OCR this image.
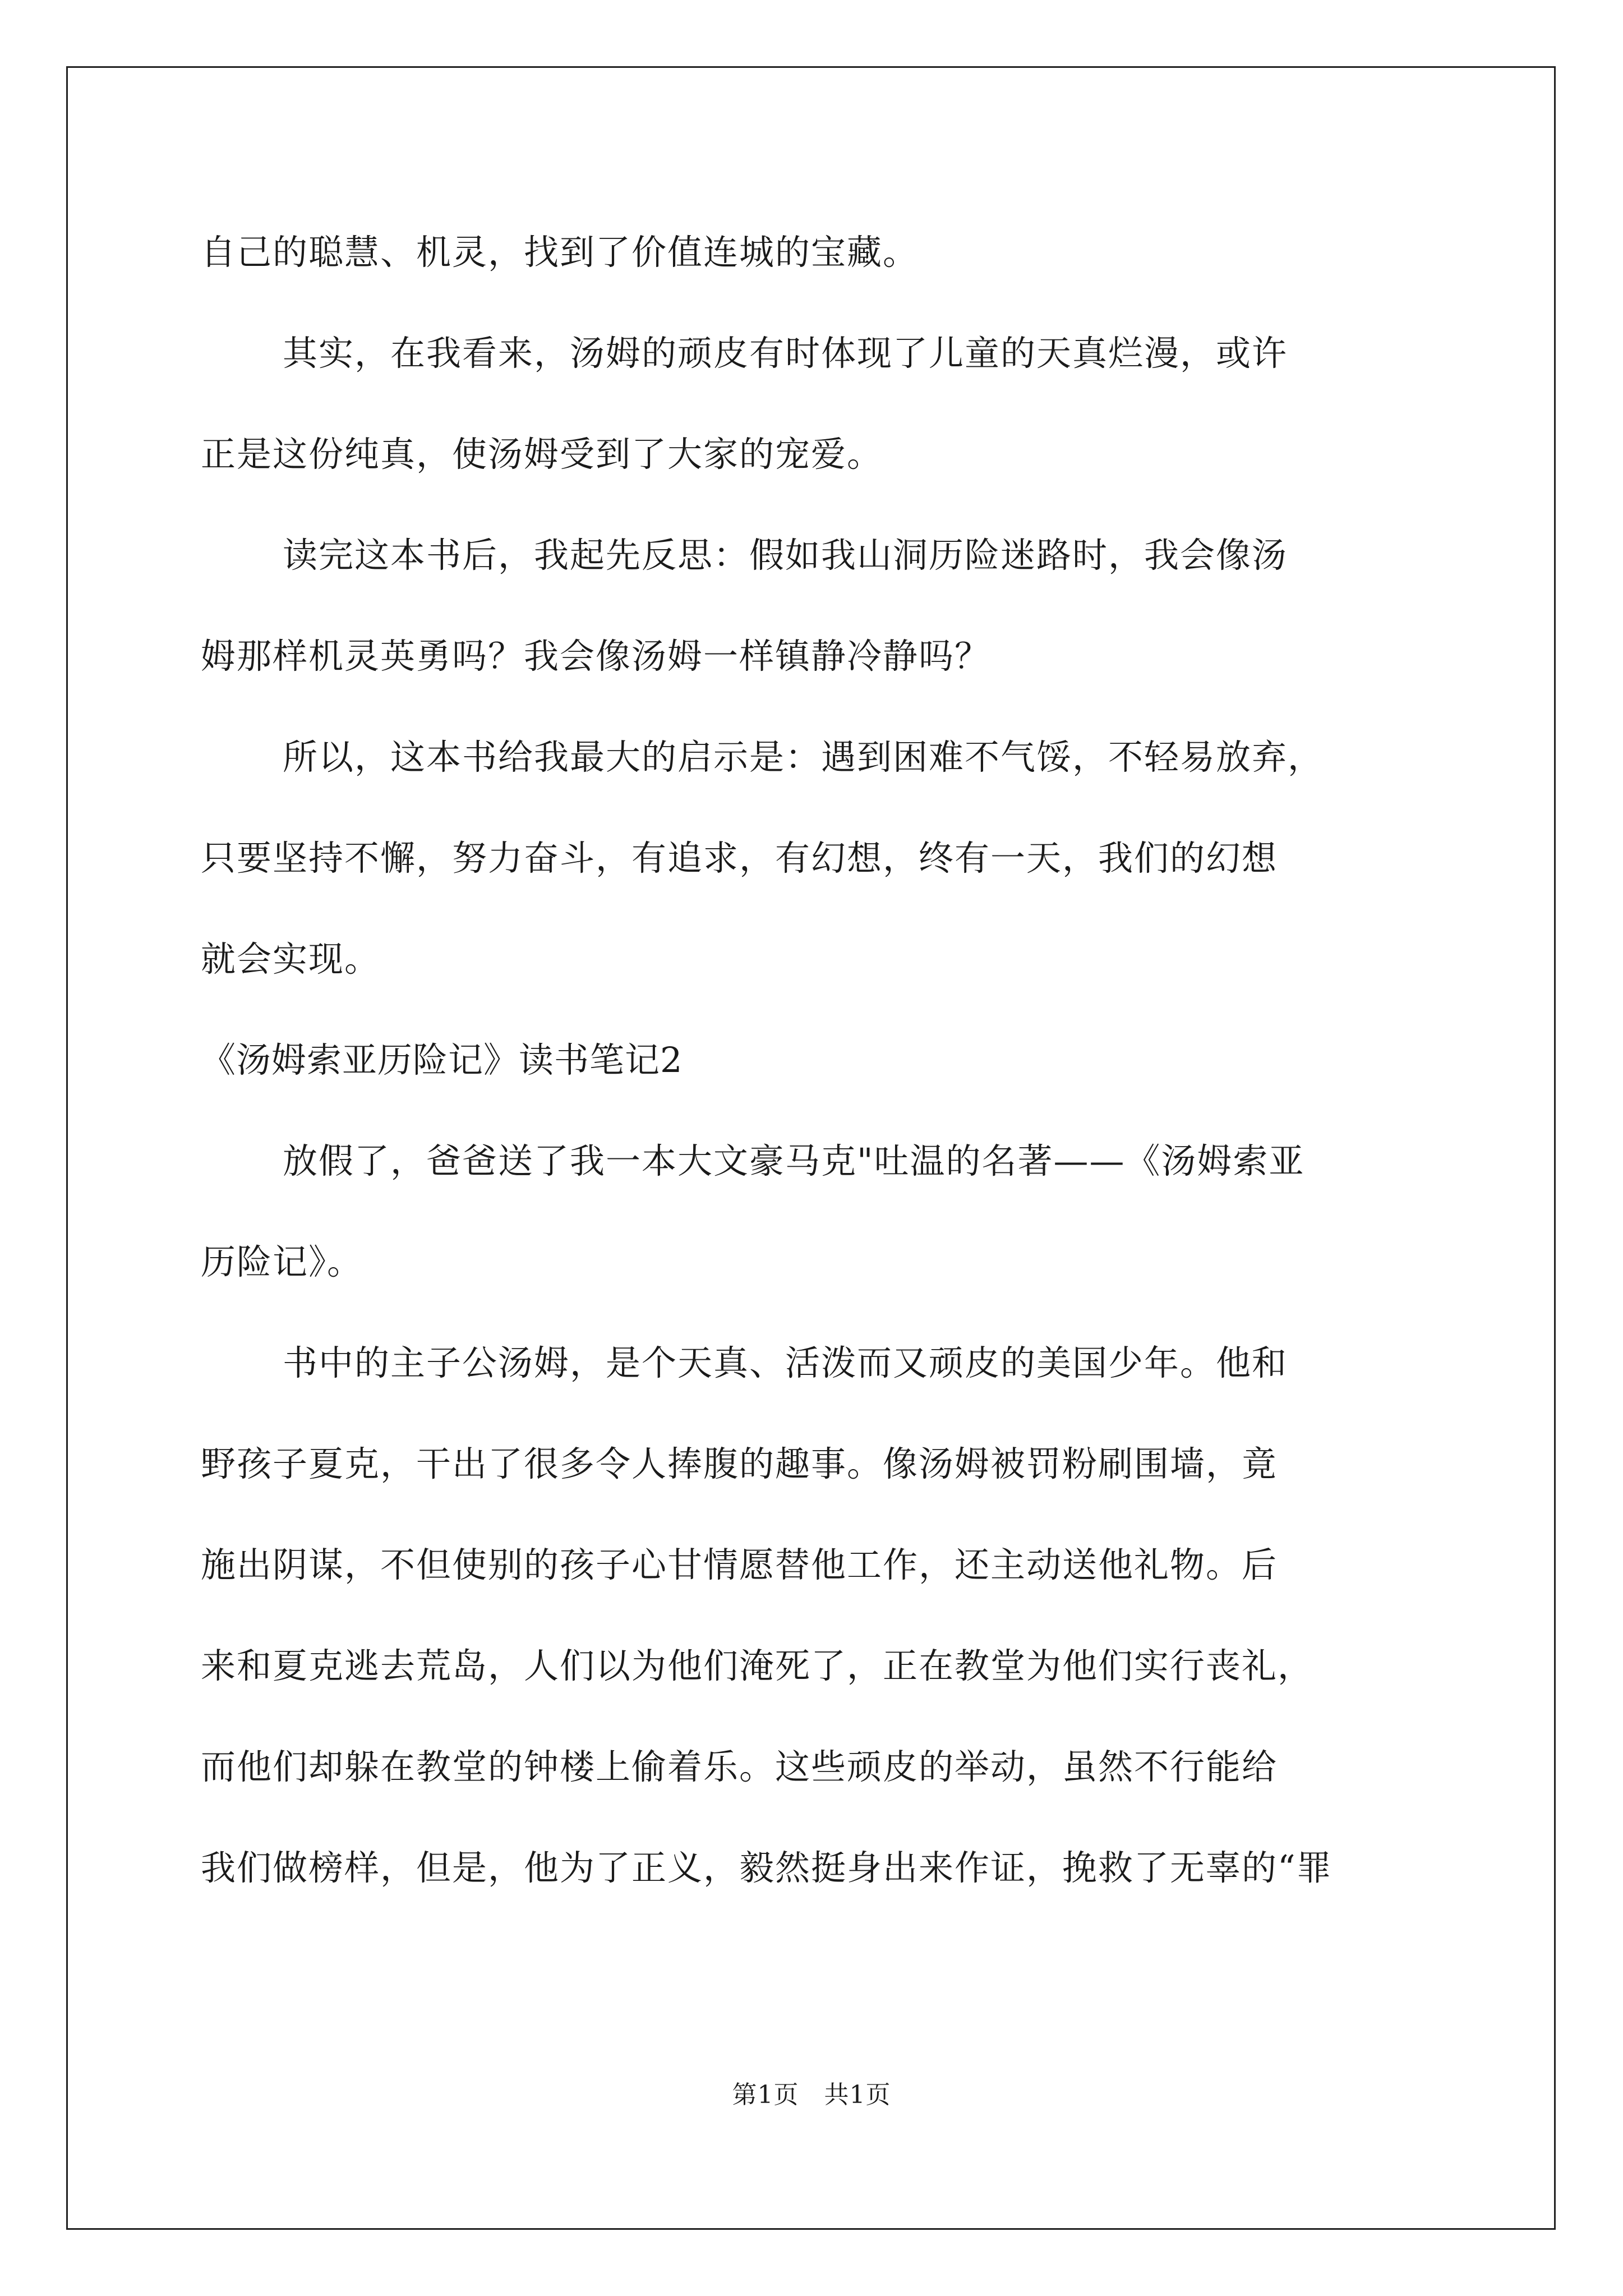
自己的聪慧、机灵，找到了价值连城的宝藏。
其实，在我看来，汤姆的顽皮有时体现了儿童的天真烂漫，或许
正是这份纯真，使汤姆受到了大家的宠爱。
读完这本书后，我起先反思：假如我山洞历险迷路时，我会像汤
姆那样机灵英勇吗？我会像汤姆一样镇静冷静吗？
所以，这本书给我最大的启示是：遇到困难不气馁，不轻易放弃，
只要坚持不懈，努力奋斗，有追求，有幻想，终有一天，我们的幻想
就会实现。
《汤姆索亚历险记》读书笔记2
放假了，爸爸送了我一本大文豪马克"吐温的名著——《汤姆索亚
历险记》。
书中的主子公汤姆，是个天真、活泼而又顽皮的美国少年。他和
野孩子夏克，干出了很多令人捧腹的趣事。像汤姆被罚粉刷围墙，竟
施出阴谋，不但使别的孩子心甘情愿替他工作，还主动送他礼物。后
来和夏克逃去荒岛，人们以为他们淹死了，正在教堂为他们实行丧礼，
而他们却躲在教堂的钟楼上偷着乐。这些顽皮的举动，虽然不行能给
我们做榜样，但是，他为了正义，毅然挺身出来作证，挽救了无辜的“罪
第1页　共1页
